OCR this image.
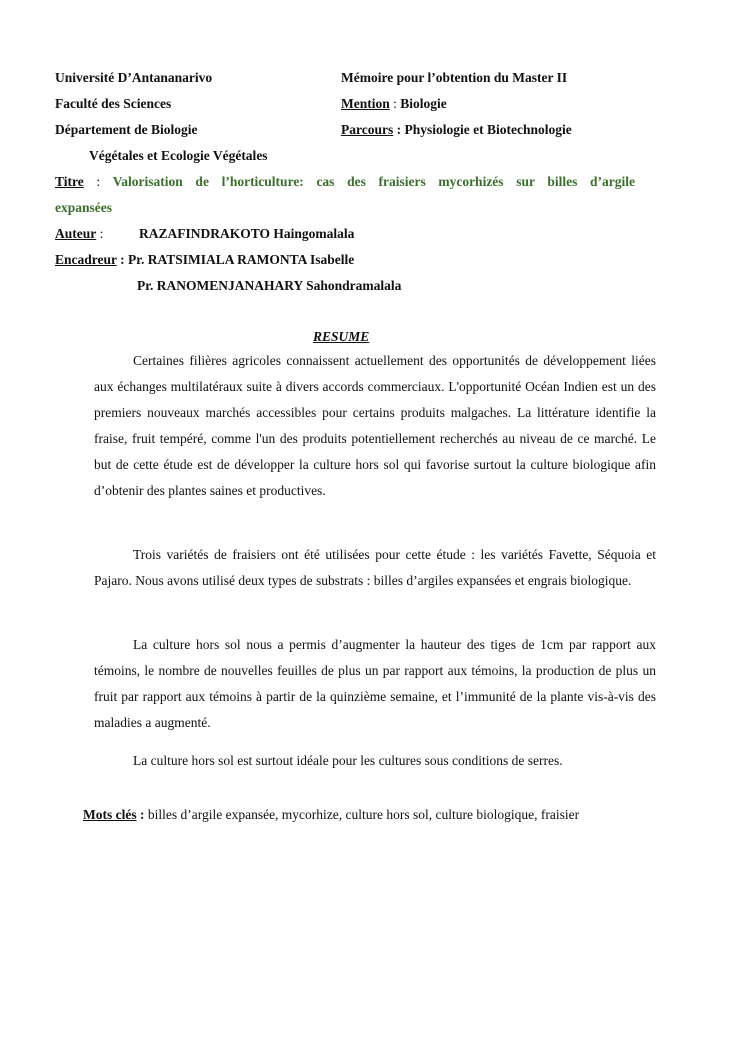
Université D’Antananarivo
Faculté des Sciences
Département de Biologie
Végétales et Ecologie Végétales
Mémoire pour l’obtention du Master II
Mention : Biologie
Parcours : Physiologie et Biotechnologie
Titre : Valorisation de l’horticulture: cas des fraisiers mycorhizés sur billes d’argile
expansées
Auteur :	RAZAFINDRAKOTO Haingomalala
Encadreur : Pr. RATSIMIALA RAMONTA Isabelle
Pr. RANOMENJANAHARY Sahondramalala
RESUME

Certaines filières agricoles connaissent actuellement des opportunités de développement liées aux échanges multilatéraux suite à divers accords commerciaux. L'opportunité Océan Indien est un des premiers nouveaux marchés accessibles pour certains produits malgaches. La littérature identifie la fraise, fruit tempéré, comme l'un des produits potentiellement recherchés au niveau de ce marché. Le but de cette étude est de développer la culture hors sol qui favorise surtout la culture biologique afin d’obtenir des plantes saines et productives.

Trois variétés de fraisiers ont été utilisées pour cette étude : les variétés Favette, Séquoia et Pajaro. Nous avons utilisé deux types de substrats : billes d’argiles expansées et engrais biologique.

La culture hors sol nous a permis d’augmenter la hauteur des tiges de 1cm par rapport aux témoins, le nombre de nouvelles feuilles de plus un par rapport aux témoins, la production de plus un fruit par rapport aux témoins à partir de la quinzième semaine, et l’immunité de la plante vis-à-vis des maladies a augmenté.

La culture hors sol est surtout idéale pour les cultures sous conditions de serres.

Mots clés : billes d’argile expansée, mycorhize, culture hors sol, culture biologique, fraisier
